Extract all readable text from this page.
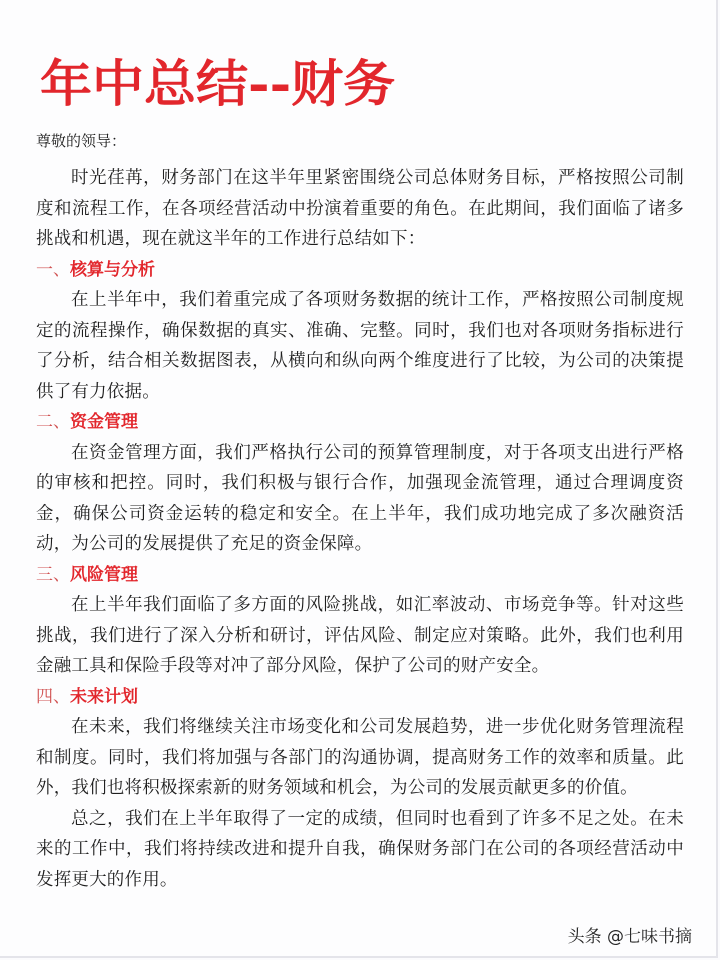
年中总结--财务
尊敬的领导：

时光荏苒，财务部门在这半年里紧密围绕公司总体财务目标，严格按照公司制度和流程工作，在各项经营活动中扮演着重要的角色。在此期间，我们面临了诸多挑战和机遇，现在就这半年的工作进行总结如下：

一、核算与分析

在上半年中，我们着重完成了各项财务数据的统计工作，严格按照公司制度规定的流程操作，确保数据的真实、准确、完整。同时，我们也对各项财务指标进行了分析，结合相关数据图表，从横向和纵向两个维度进行了比较，为公司的决策提供了有力依据。

二、资金管理

在资金管理方面，我们严格执行公司的预算管理制度，对于各项支出进行严格的审核和把控。同时，我们积极与银行合作，加强现金流管理，通过合理调度资金，确保公司资金运转的稳定和安全。在上半年，我们成功地完成了多次融资活动，为公司的发展提供了充足的资金保障。

三、风险管理

在上半年我们面临了多方面的风险挑战，如汇率波动、市场竞争等。针对这些挑战，我们进行了深入分析和研讨，评估风险、制定应对策略。此外，我们也利用金融工具和保险手段等对冲了部分风险，保护了公司的财产安全。

四、未来计划

在未来，我们将继续关注市场变化和公司发展趋势，进一步优化财务管理流程和制度。同时，我们将加强与各部门的沟通协调，提高财务工作的效率和质量。此外，我们也将积极探索新的财务领域和机会，为公司的发展贡献更多的价值。

总之，我们在上半年取得了一定的成绩，但同时也看到了许多不足之处。在未来的工作中，我们将持续改进和提升自我，确保财务部门在公司的各项经营活动中发挥更大的作用。

头条 @七味书摘
